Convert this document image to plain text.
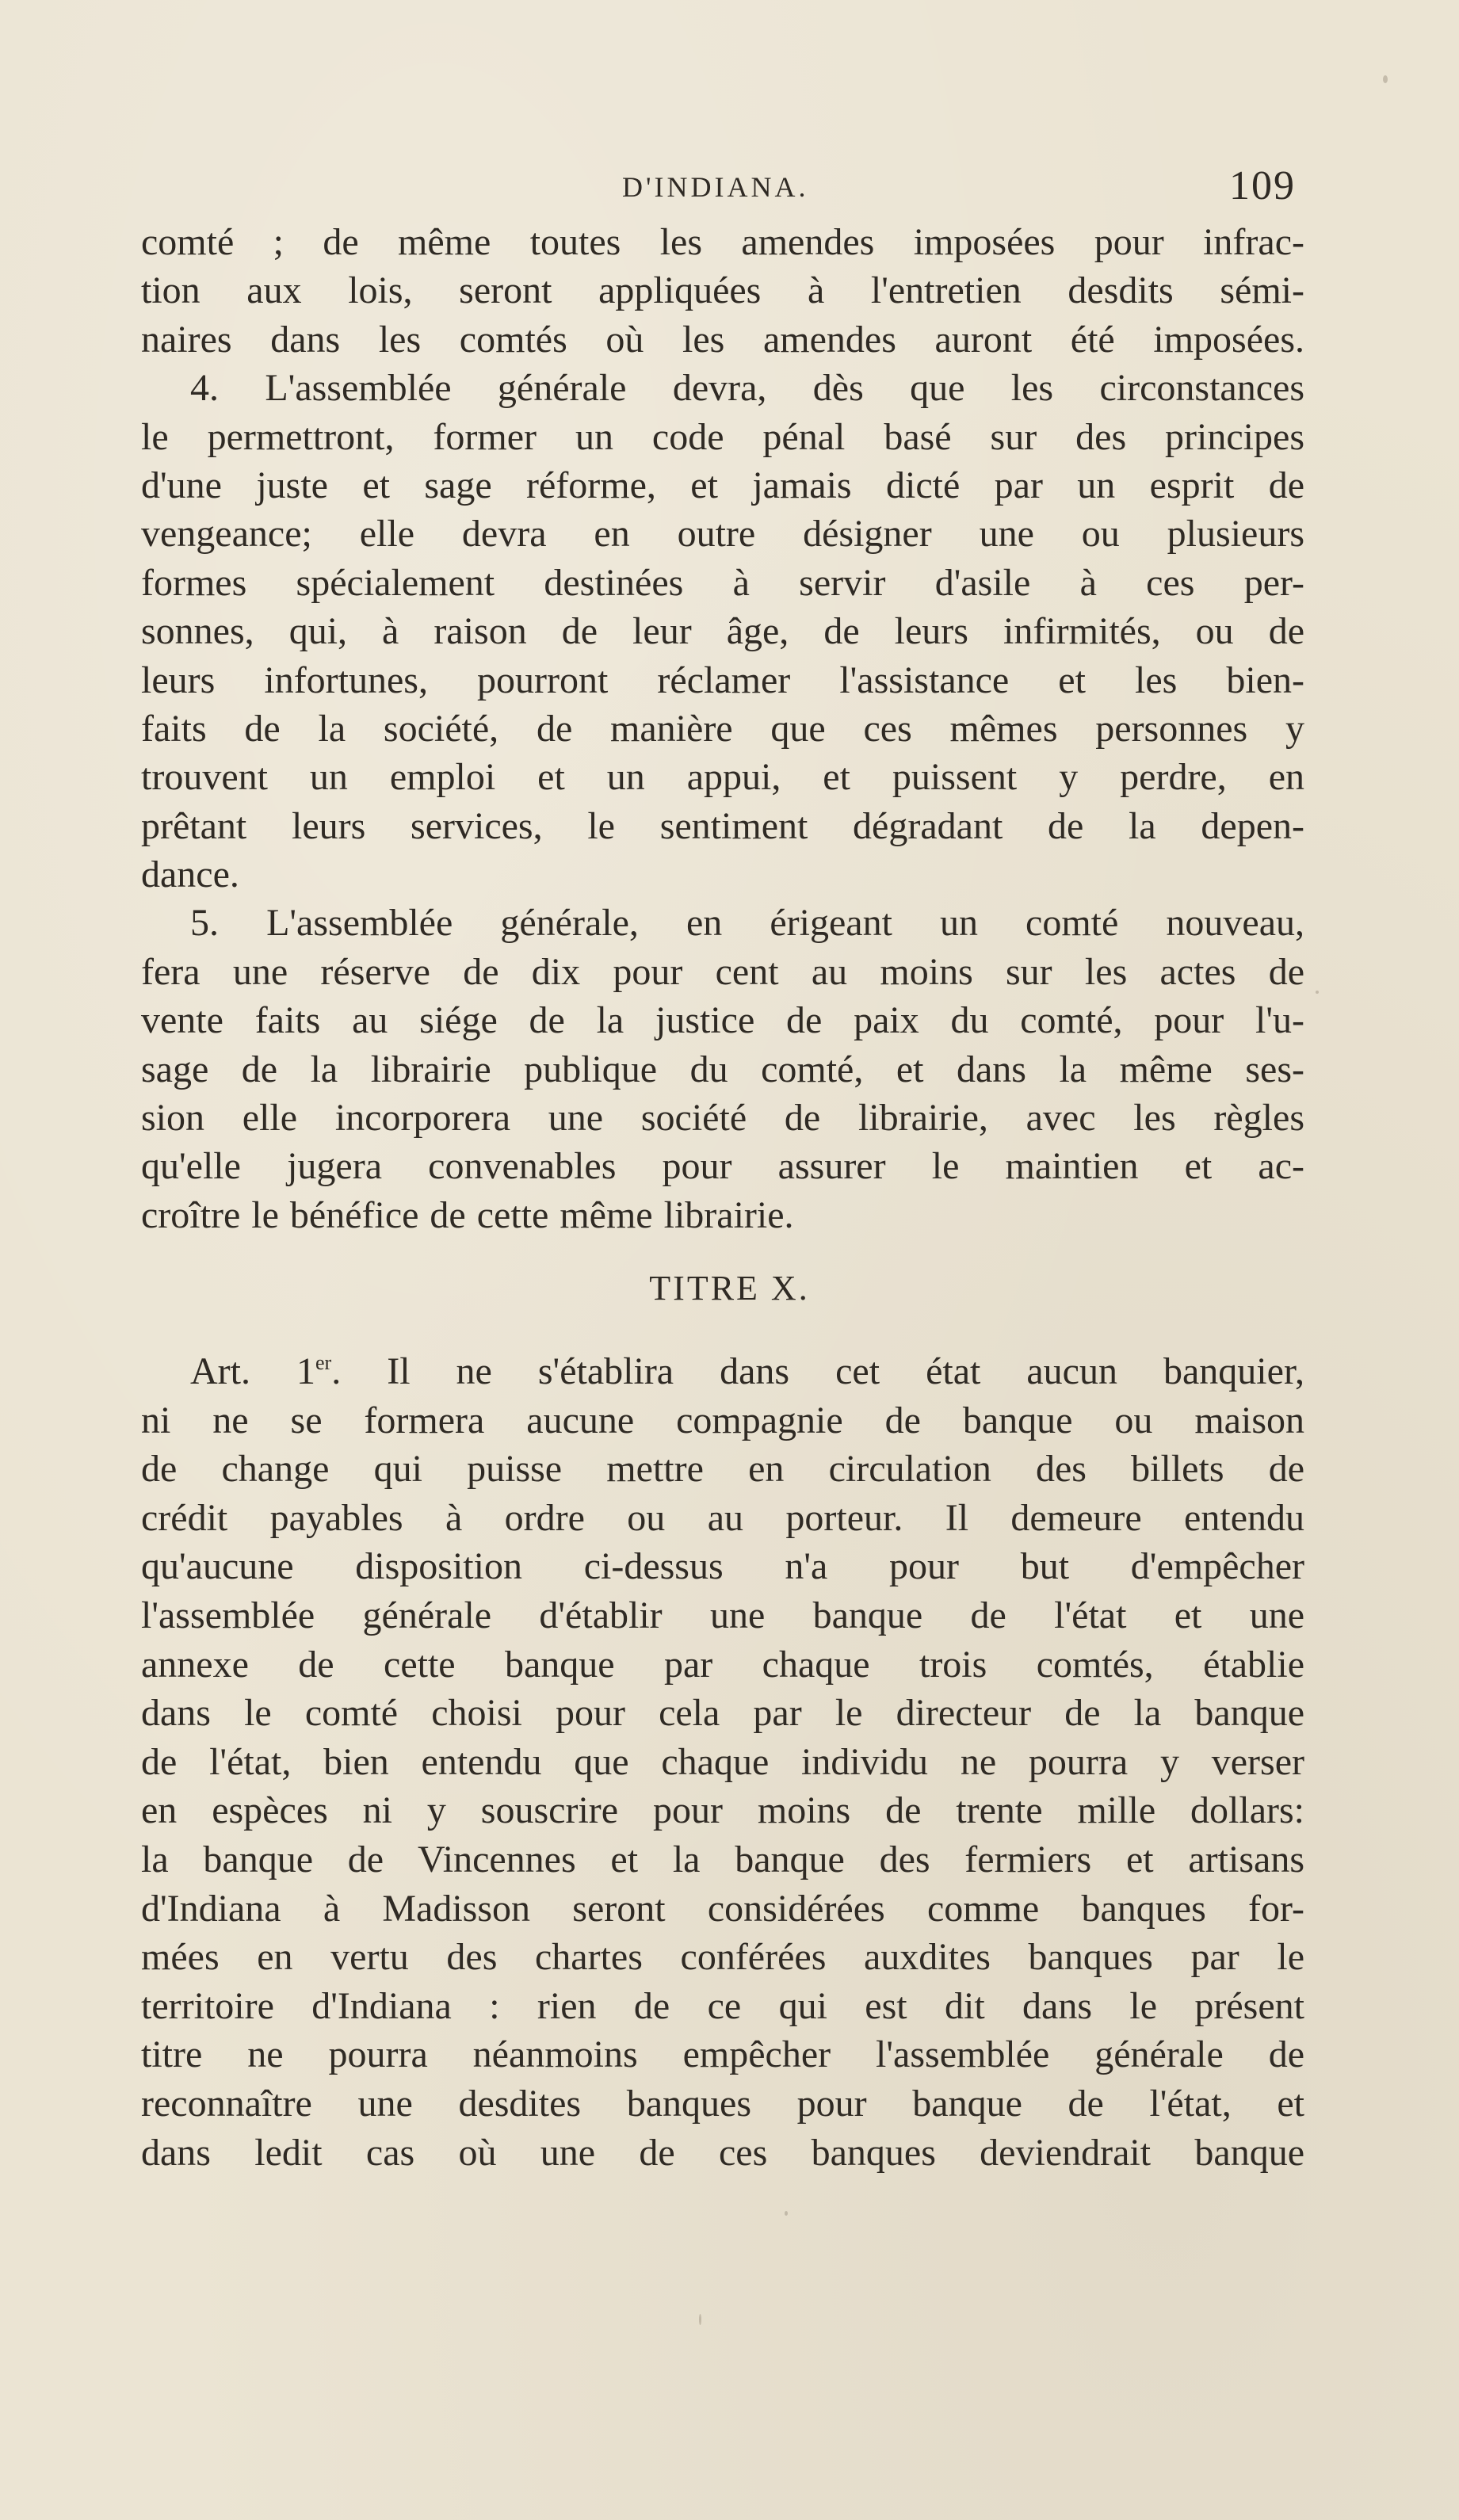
D'INDIANA.	109
comté ; de même toutes les amendes imposées pour infrac-
tion aux lois, seront appliquées à l'entretien desdits sémi-
naires dans les comtés où les amendes auront été imposées.
4. L'assemblée générale devra, dès que les circonstances
le permettront, former un code pénal basé sur des principes
d'une juste et sage réforme, et jamais dicté par un esprit de
vengeance; elle devra en outre désigner une ou plusieurs
formes spécialement destinées à servir d'asile à ces per-
sonnes, qui, à raison de leur âge, de leurs infirmités, ou de
leurs infortunes, pourront réclamer l'assistance et les bien-
faits de la société, de manière que ces mêmes personnes y
trouvent un emploi et un appui, et puissent y perdre, en
prêtant leurs services, le sentiment dégradant de la depen-
dance.
5. L'assemblée générale, en érigeant un comté nouveau,
fera une réserve de dix pour cent au moins sur les actes de
vente faits au siége de la justice de paix du comté, pour l'u-
sage de la librairie publique du comté, et dans la même ses-
sion elle incorporera une société de librairie, avec les règles
qu'elle jugera convenables pour assurer le maintien et ac-
croître le bénéfice de cette même librairie.
TITRE X.
Art. 1er. Il ne s'établira dans cet état aucun banquier,
ni ne se formera aucune compagnie de banque ou maison
de change qui puisse mettre en circulation des billets de
crédit payables à ordre ou au porteur. Il demeure entendu
qu'aucune disposition ci-dessus n'a pour but d'empêcher
l'assemblée générale d'établir une banque de l'état et une
annexe de cette banque par chaque trois comtés, établie
dans le comté choisi pour cela par le directeur de la banque
de l'état, bien entendu que chaque individu ne pourra y verser
en espèces ni y souscrire pour moins de trente mille dollars:
la banque de Vincennes et la banque des fermiers et artisans
d'Indiana à Madisson seront considérées comme banques for-
mées en vertu des chartes conférées auxdites banques par le
territoire d'Indiana : rien de ce qui est dit dans le présent
titre ne pourra néanmoins empêcher l'assemblée générale de
reconnaître une desdites banques pour banque de l'état, et
dans ledit cas où une de ces banques deviendrait banque
